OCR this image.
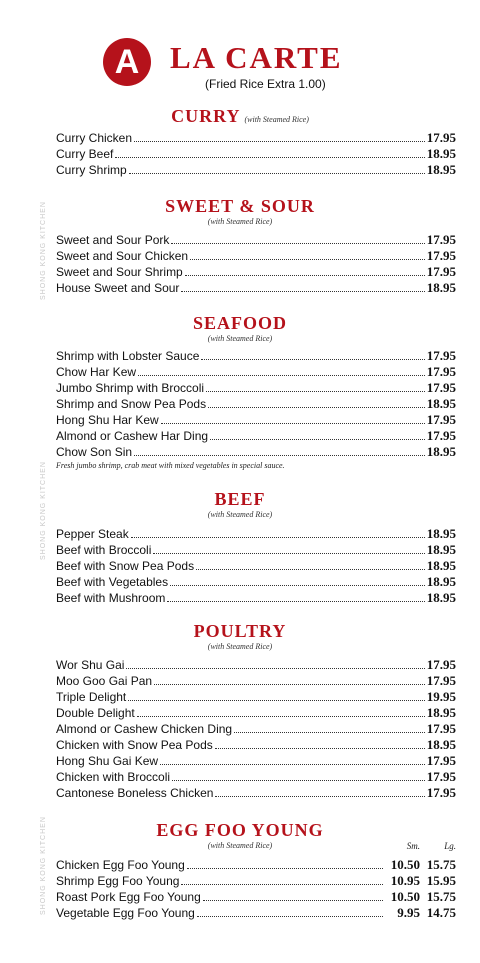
SHONG KONG KITCHEN
SHONG KONG KITCHEN
SHONG KONG KITCHEN
A LA CARTE
(Fried Rice Extra 1.00)
CURRY (with Steamed Rice)
Curry Chicken	17.95
Curry Beef	18.95
Curry Shrimp	18.95
SWEET & SOUR
(with Steamed Rice)
Sweet and Sour Pork	17.95
Sweet and Sour Chicken	17.95
Sweet and Sour Shrimp	17.95
House Sweet and Sour	18.95
SEAFOOD
(with Steamed Rice)
Shrimp with Lobster Sauce	17.95
Chow Har Kew	17.95
Jumbo Shrimp with Broccoli	17.95
Shrimp and Snow Pea Pods	18.95
Hong Shu Har Kew	17.95
Almond or Cashew Har Ding	17.95
Chow Son Sin	18.95
Fresh jumbo shrimp, crab meat with mixed vegetables in special sauce.
BEEF
(with Steamed Rice)
Pepper Steak	18.95
Beef with Broccoli	18.95
Beef with Snow Pea Pods	18.95
Beef with Vegetables	18.95
Beef with Mushroom	18.95
POULTRY
(with Steamed Rice)
Wor Shu Gai	17.95
Moo Goo Gai Pan	17.95
Triple Delight	19.95
Double Delight	18.95
Almond or Cashew Chicken Ding	17.95
Chicken with Snow Pea Pods	18.95
Hong Shu Gai Kew	17.95
Chicken with Broccoli	17.95
Cantonese Boneless Chicken	17.95
EGG FOO YOUNG
(with Steamed Rice)	Sm.	Lg.
Chicken Egg Foo Young	10.50 15.75
Shrimp Egg Foo Young	10.95 15.95
Roast Pork Egg Foo Young	10.50 15.75
Vegetable Egg Foo Young	9.95 14.75
